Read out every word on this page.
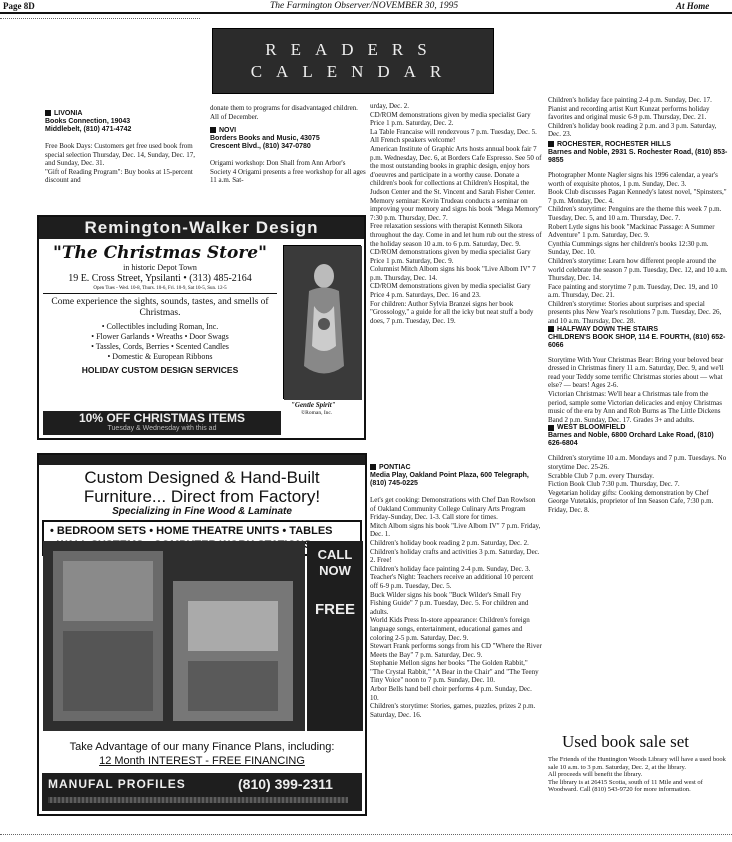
Page 8D	The Farmington Observer/NOVEMBER 30, 1995	At Home
READERS
CALENDAR
LIVONIA
Books Connection, 19043
Middlebelt, (810) 471-4742
Free Book Days: Customers get free used book from special selection Thursday, Dec. 14, Sunday, Dec. 17, and Sunday, Dec. 31.
"Gift of Reading Program": Buy books at 15-percent discount and
donate them to programs for disadvantaged children. All of December.
NOVI
Borders Books and Music, 43075
Crescent Blvd., (810) 347-0780
Origami workshop: Don Shall from Ann Arbor's Society 4 Origami presents a free workshop for all ages 11 a.m. Sat-
Remington-Walker Design
"The Christmas Store"
in historic Depot Town
19 E. Cross Street, Ypsilanti • (313) 485-2164
Open Tues - Wed. 10-8, Thurs. 10-6, Fri. 10-9, Sat 10-5, Sun. 12-5
Come experience the sights, sounds, tastes, and smells of Christmas.
• Collectibles including Roman, Inc.
• Flower Garlands • Wreaths • Door Swags
• Tassles, Cords, Berries • Scented Candles
• Domestic & European Ribbons
HOLIDAY CUSTOM DESIGN SERVICES
"Gentle Spirit"
©Roman, Inc.
10% OFF CHRISTMAS ITEMS
Tuesday & Wednesday with this ad
Custom Designed & Hand-Built Furniture... Direct from Factory!
Specializing in Fine Wood & Laminate
• BEDROOM SETS • HOME THEATRE UNITS • TABLES
CALL NOW
FREE
Take Advantage of our many Finance Plans, including:
12 Month INTEREST - FREE FINANCING
MANUFAL PROFILES	(810) 399-2311
urday, Dec. 2.
CD/ROM demonstrations given by media specialist Gary Price 1 p.m. Saturday, Dec. 2.
La Table Francaise will rendezvous 7 p.m. Tuesday, Dec. 5. All French speakers welcome!
American Institute of Graphic Arts hosts annual book fair 7 p.m. Wednesday, Dec. 6, at Borders Cafe Espresso. See 50 of the most outstanding books in graphic design, enjoy hors d'oeuvres and participate in a worthy cause. Donate a children's book for collections at Children's Hospital, the Judson Center and the St. Vincent and Sarah Fisher Center.
Memory seminar: Kevin Trudeau conducts a seminar on improving your memory and signs his book "Mega Memory" 7:30 p.m. Thursday, Dec. 7.
Free relaxation sessions with therapist Kenneth Sikora throughout the day. Come in and let hum rub out the stress of the holiday season 10 a.m. to 6 p.m. Saturday, Dec. 9.
CD/ROM demonstrations given by media specialist Gary Price 1 p.m. Saturday, Dec. 9.
Columnist Mitch Albom signs his book "Live Albom IV" 7 p.m. Thursday, Dec. 14.
CD/ROM demonstrations given by media specialist Gary Price 4 p.m. Saturdays, Dec. 16 and 23.
For children: Author Sylvia Branzei signs her book "Grossology," a guide for all the icky but neat stuff a body does, 7 p.m. Tuesday, Dec. 19.
PONTIAC
Media Play, Oakland Point Plaza, 600 Telegraph, (810) 745-0225
Let's get cooking: Demonstrations with Chef Dan Rowlson of Oakland Community College Culinary Arts Program Friday-Sunday, Dec. 1-3. Call store for times.
Mitch Albom signs his book "Live Albom IV" 7 p.m. Friday, Dec. 1.
Children's holiday book reading 2 p.m. Saturday, Dec. 2.
Children's holiday crafts and activities 3 p.m. Saturday, Dec. 2. Free!
Children's holiday face painting 2-4 p.m. Sunday, Dec. 3.
Teacher's Night: Teachers receive an additional 10 percent off 6-9 p.m. Tuesday, Dec. 5.
Buck Wilder signs his book "Buck Wilder's Small Fry Fishing Guide" 7 p.m. Tuesday, Dec. 5. For children and adults.
World Kids Press In-store appearance: Children's foreign language songs, entertainment, educational games and coloring 2-5 p.m. Saturday, Dec. 9.
Stewart Frank performs songs from his CD "Where the River Meets the Bay" 7 p.m. Saturday, Dec. 9.
Stephanie Mellon signs her books "The Golden Rabbit," "The Crystal Rabbit," "A Bear in the Chair" and "The Teeny Tiny Voice" noon to 7 p.m. Sunday, Dec. 10.
Arbor Bells hand bell choir performs 4 p.m. Sunday, Dec. 10.
Children's storytime: Stories, games, puzzles, prizes 2 p.m. Saturday, Dec. 16.
Children's holiday face painting 2-4 p.m. Sunday, Dec. 17.
Pianist and recording artist Kurt Kunzat performs holiday favorites and original music 6-9 p.m. Thursday, Dec. 21.
Children's holiday book reading 2 p.m. and 3 p.m. Saturday, Dec. 23.
ROCHESTER, ROCHESTER HILLS
Barnes and Noble, 2931 S. Rochester Road, (810) 853-9855
Photographer Monte Nagler signs his 1996 calendar, a year's worth of exquisite photos, 1 p.m. Sunday, Dec. 3.
Book Club discusses Pagan Kennedy's latest novel, "Spinsters," 7 p.m. Monday, Dec. 4.
Children's storytime: Penguins are the theme this week 7 p.m. Tuesday, Dec. 5, and 10 a.m. Thursday, Dec. 7.
Robert Lytle signs his book "Mackinac Passage: A Summer Adventure" 1 p.m. Saturday, Dec. 9.
Cynthia Cummings signs her children's books 12:30 p.m. Sunday, Dec. 10.
Children's storytime: Learn how different people around the world celebrate the season 7 p.m. Tuesday, Dec. 12, and 10 a.m. Thursday, Dec. 14.
Face painting and storytime 7 p.m. Tuesday, Dec. 19, and 10 a.m. Thursday, Dec. 21.
Children's storytime: Stories about surprises and special presents plus New Year's resolutions 7 p.m. Tuesday, Dec. 26, and 10 a.m. Thursday, Dec. 28.
HALFWAY DOWN THE STAIRS
CHILDREN'S BOOK SHOP, 114 E. FOURTH, (810) 652-6066
Storytime With Your Christmas Bear: Bring your beloved bear dressed in Christmas finery 11 a.m. Saturday, Dec. 9, and we'll read your Teddy some terrific Christmas stories about — what else? — bears! Ages 2-6.
Victorian Christmas: We'll hear a Christmas tale from the period, sample some Victorian delicacies and enjoy Christmas music of the era by Ann and Rob Burns as The Little Dickens Band 2 p.m. Sunday, Dec. 17. Grades 3+ and adults.
WEST BLOOMFIELD
Barnes and Noble, 6800 Orchard Lake Road, (810) 626-6804
Children's storytime 10 a.m. Mondays and 7 p.m. Tuesdays. No storytime Dec. 25-26.
Scrabble Club 7 p.m. every Thursday.
Fiction Book Club 7:30 p.m. Thursday, Dec. 7.
Vegetarian holiday gifts: Cooking demonstration by Chef George Vutetakis, proprietor of Inn Season Cafe, 7:30 p.m. Friday, Dec. 8.
Used book sale set
The Friends of the Huntington Woods Library will have a used book sale 10 a.m. to 3 p.m. Saturday, Dec. 2, at the library.
All proceeds will benefit the library.
The library is at 26415 Scotia, south of 11 Mile and west of Woodward. Call (810) 543-9720 for more information.
